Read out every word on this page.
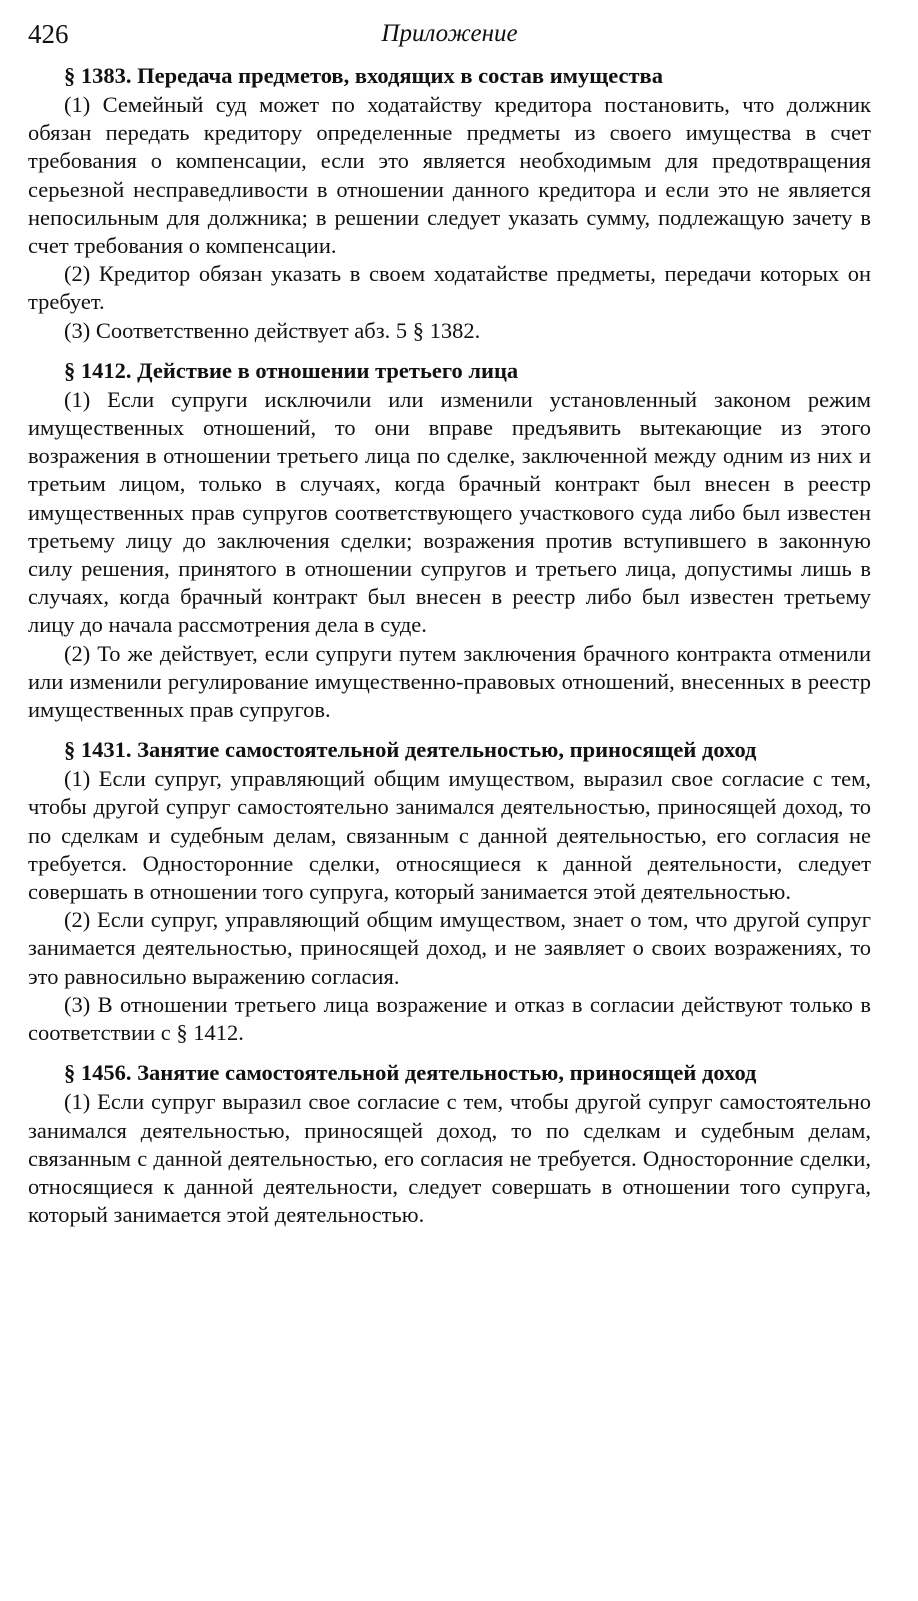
426	Приложение
§ 1383. Передача предметов, входящих в состав имущества

(1) Семейный суд может по ходатайству кредитора постановить, что должник обязан передать кредитору определенные предметы из своего имущества в счет требования о компенсации, если это является необходимым для предотвращения серьезной несправедливости в отношении данного кредитора и если это не является непосильным для должника; в решении следует указать сумму, подлежащую зачету в счет требования о компенсации.

(2) Кредитор обязан указать в своем ходатайстве предметы, передачи которых он требует.

(3) Соответственно действует абз. 5 § 1382.

§ 1412. Действие в отношении третьего лица

(1) Если супруги исключили или изменили установленный законом режим имущественных отношений, то они вправе предъявить вытекающие из этого возражения в отношении третьего лица по сделке, заключенной между одним из них и третьим лицом, только в случаях, когда брачный контракт был внесен в реестр имущественных прав супругов соответствующего участкового суда либо был известен третьему лицу до заключения сделки; возражения против вступившего в законную силу решения, принятого в отношении супругов и третьего лица, допустимы лишь в случаях, когда брачный контракт был внесен в реестр либо был известен третьему лицу до начала рассмотрения дела в суде.

(2) То же действует, если супруги путем заключения брачного контракта отменили или изменили регулирование имущественно-правовых отношений, внесенных в реестр имущественных прав супругов.

§ 1431. Занятие самостоятельной деятельностью, приносящей доход

(1) Если супруг, управляющий общим имуществом, выразил свое согласие с тем, чтобы другой супруг самостоятельно занимался деятельностью, приносящей доход, то по сделкам и судебным делам, связанным с данной деятельностью, его согласия не требуется. Односторонние сделки, относящиеся к данной деятельности, следует совершать в отношении того супруга, который занимается этой деятельностью.

(2) Если супруг, управляющий общим имуществом, знает о том, что другой супруг занимается деятельностью, приносящей доход, и не заявляет о своих возражениях, то это равносильно выражению согласия.

(3) В отношении третьего лица возражение и отказ в согласии действуют только в соответствии с § 1412.

§ 1456. Занятие самостоятельной деятельностью, приносящей доход

(1) Если супруг выразил свое согласие с тем, чтобы другой супруг самостоятельно занимался деятельностью, приносящей доход, то по сделкам и судебным делам, связанным с данной деятельностью, его согласия не требуется. Односторонние сделки, относящиеся к данной деятельности, следует совершать в отношении того супруга, который занимается этой деятельностью.
